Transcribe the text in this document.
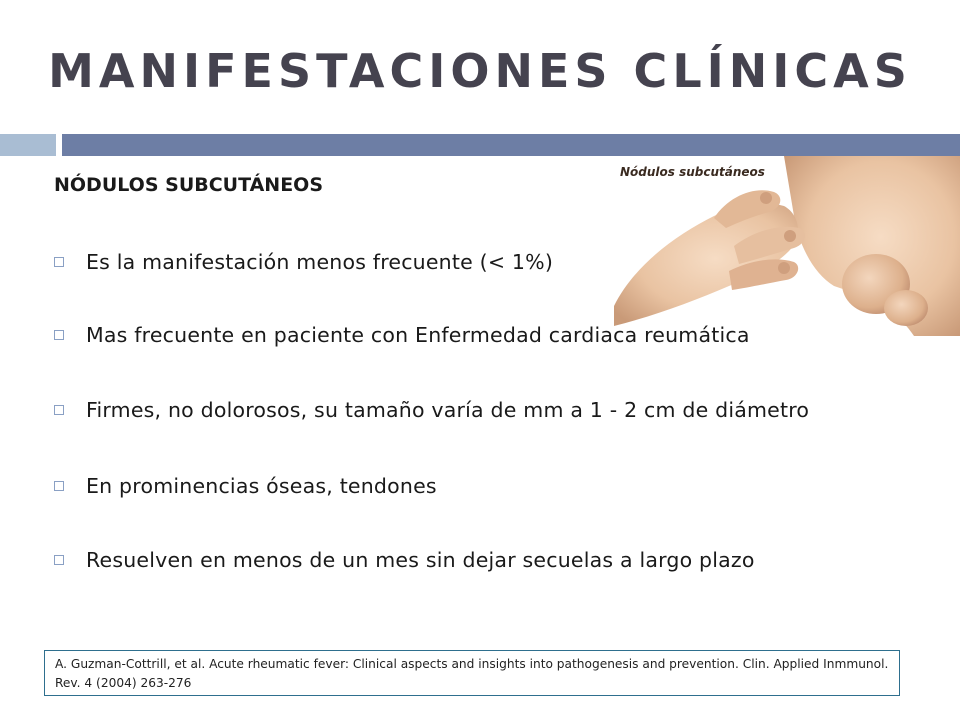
MANIFESTACIONES CLÍNICAS
Nódulos subcutáneos
NÓDULOS SUBCUTÁNEOS
Es la manifestación menos frecuente (< 1%)
Mas frecuente en paciente con Enfermedad cardiaca reumática
Firmes, no dolorosos, su tamaño varía de mm a 1 - 2 cm de diámetro
En prominencias óseas, tendones
Resuelven en menos de un mes sin dejar secuelas a largo plazo
A. Guzman-Cottrill, et al. Acute rheumatic fever: Clinical aspects and insights into pathogenesis and prevention. Clin. Applied Inmmunol. Rev. 4 (2004) 263-276
